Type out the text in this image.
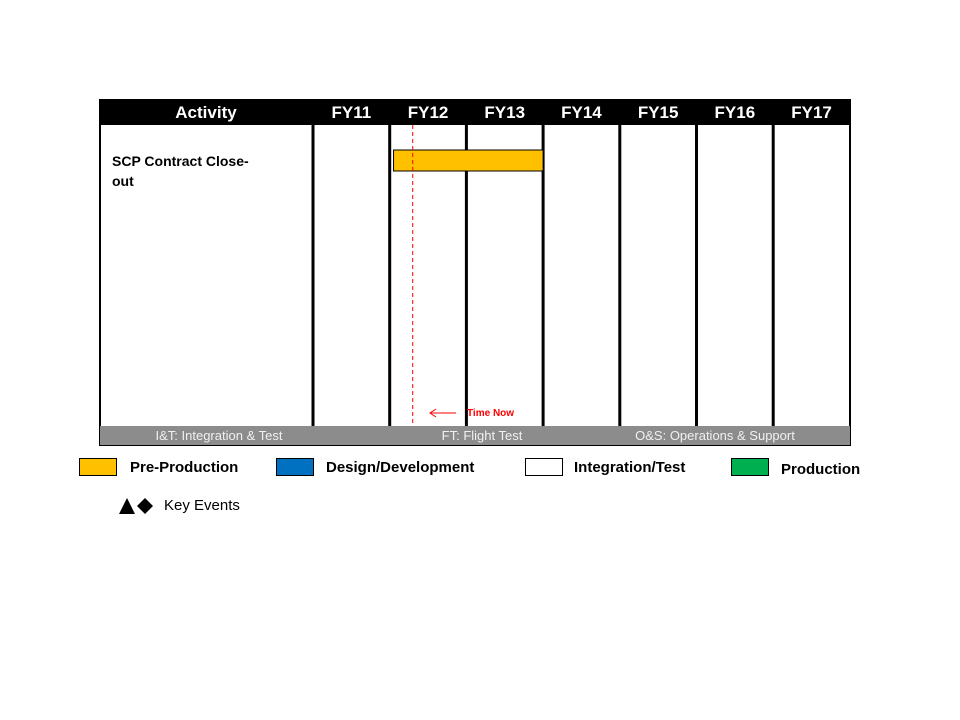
Activity	FY11 FY12 FY13 FY14 FY15 FY16 FY17
SCP Contract Close- out
Time Now
I&T: Integration & Test	FT: Flight Test	O&S: Operations & Support
Pre-Production	Design/Development	Integration/Test	Production
Key Events
